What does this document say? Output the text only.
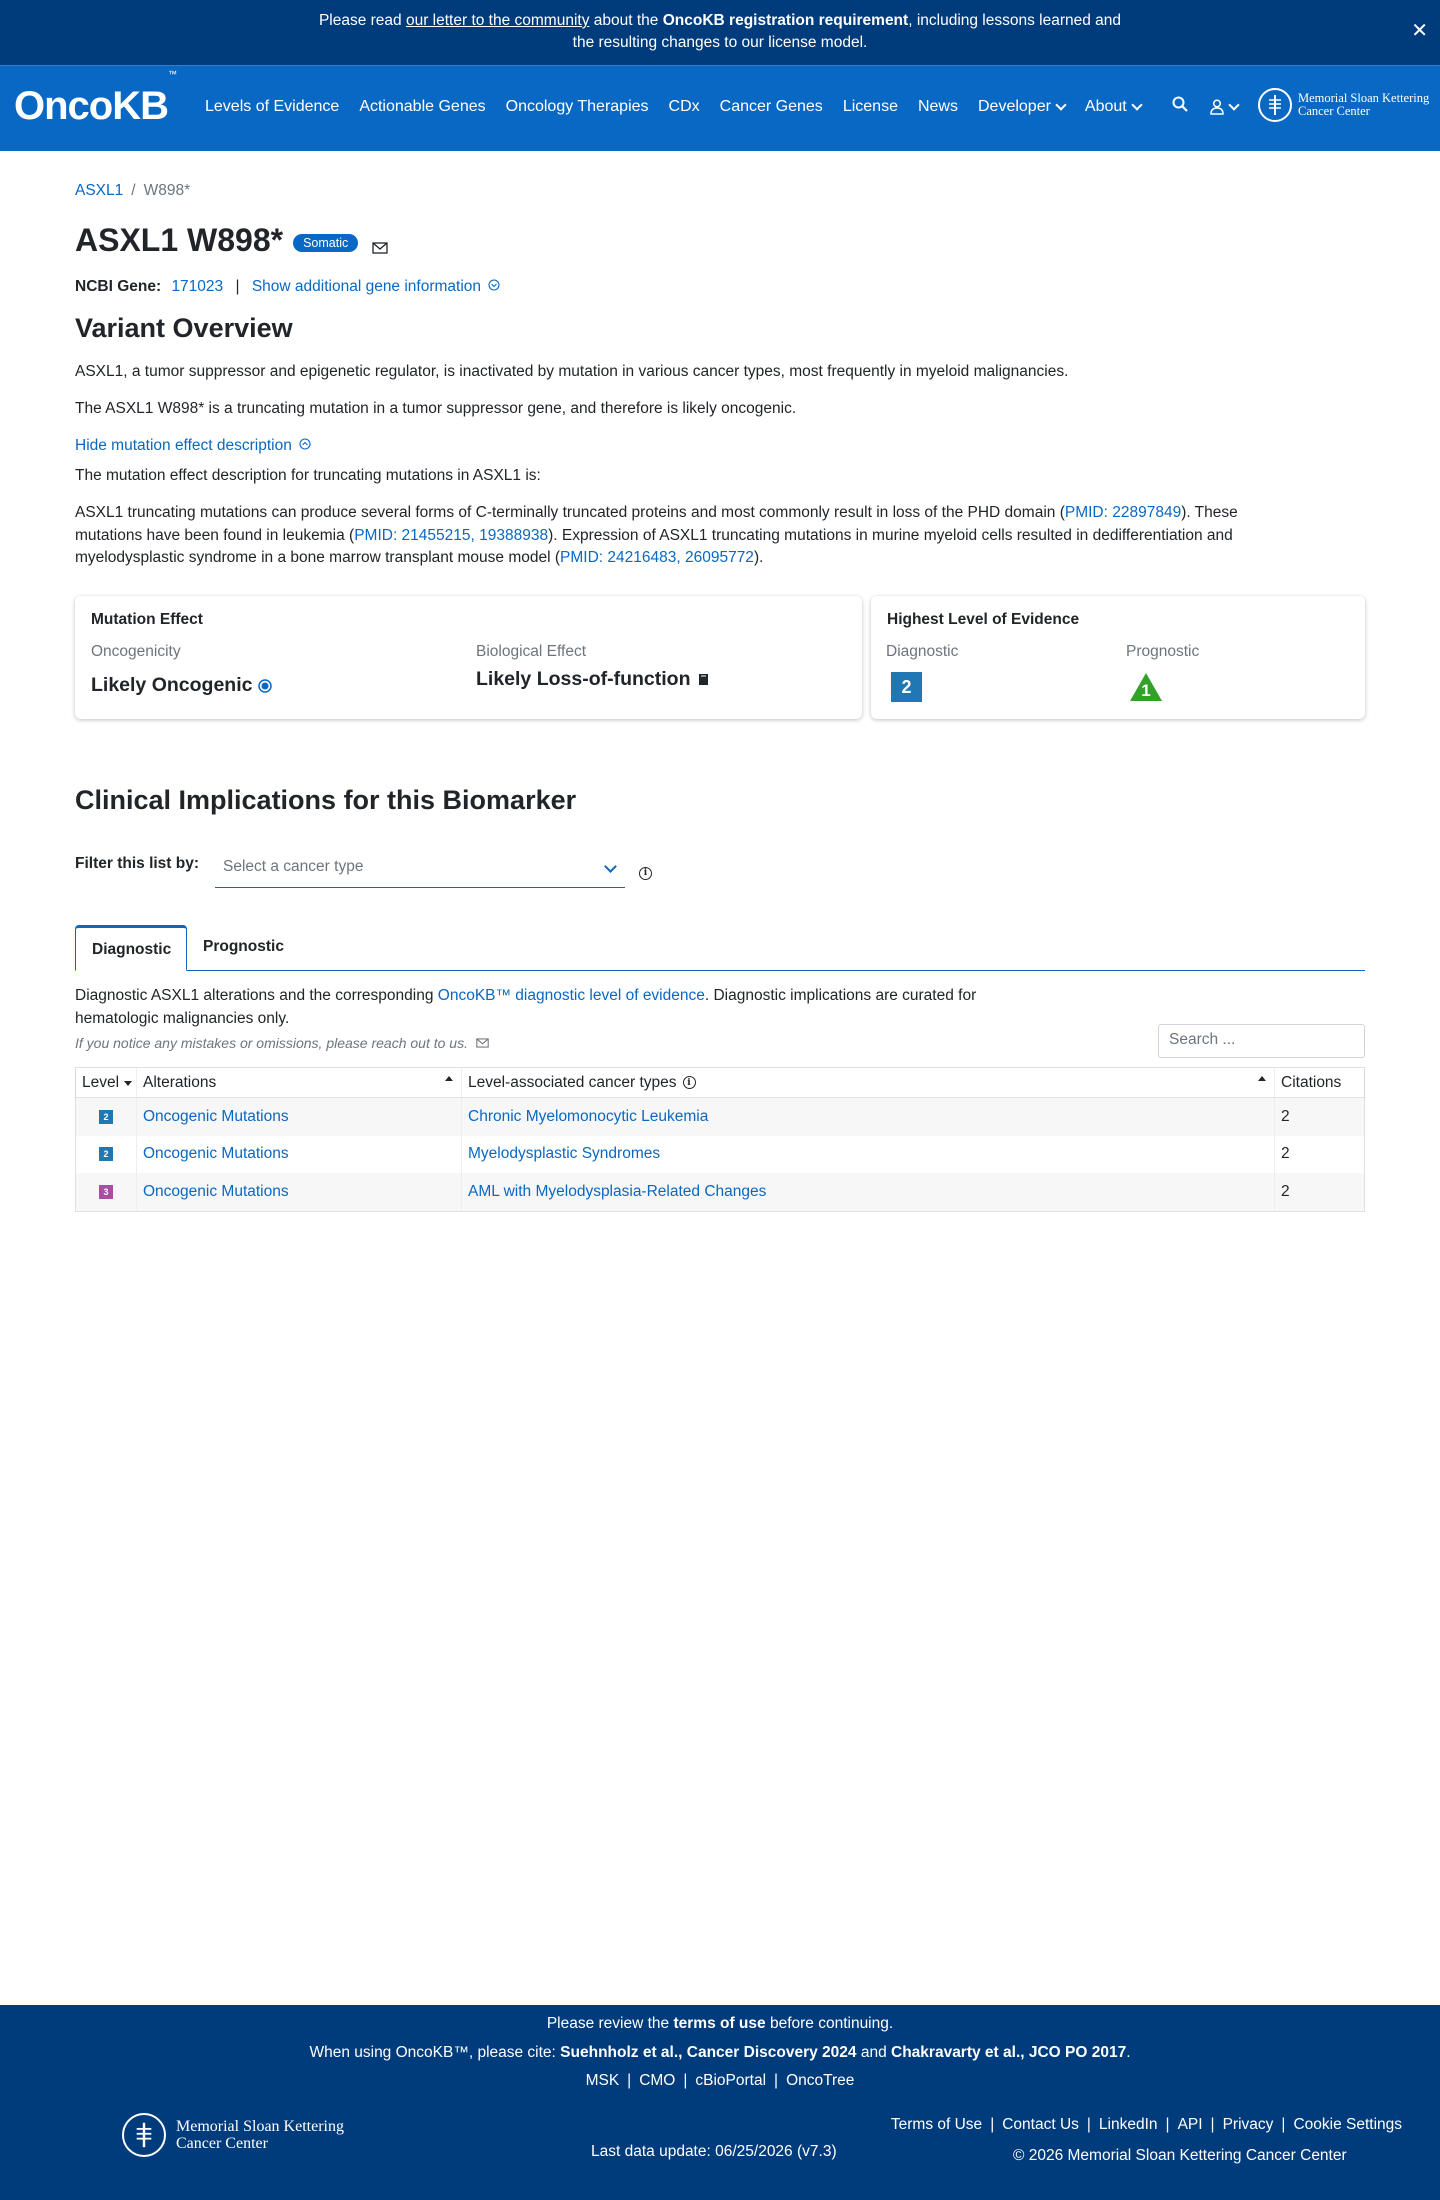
Please read our letter to the community about the OncoKB registration requirement, including lessons learned and
the resulting changes to our license model.
✕
OncoKB™
Levels of Evidence Actionable Genes Oncology Therapies CDx Cancer Genes License News Developer About	Memorial Sloan Kettering
Cancer Center
ASXL1 / W898*
ASXL1 W898*	Somatic
NCBI Gene: 171023 | Show additional gene information
Variant Overview

ASXL1, a tumor suppressor and epigenetic regulator, is inactivated by mutation in various cancer types, most frequently in myeloid malignancies.

The ASXL1 W898* is a truncating mutation in a tumor suppressor gene, and therefore is likely oncogenic.

Hide mutation effect description

The mutation effect description for truncating mutations in ASXL1 is:

ASXL1 truncating mutations can produce several forms of C-terminally truncated proteins and most commonly result in loss of the PHD domain (PMID: 22897849). These
mutations have been found in leukemia (PMID: 21455215, 19388938). Expression of ASXL1 truncating mutations in murine myeloid cells resulted in dedifferentiation and
myelodysplastic syndrome in a bone marrow transplant mouse model (PMID: 24216483, 26095772).
Mutation Effect
Oncogenicity
Likely Oncogenic
Biological Effect
Likely Loss-of-function
Highest Level of Evidence
Diagnostic
2
Prognostic
1
Clinical Implications for this Biomarker
Filter this list by:	Select a cancer type	i
Diagnostic	Prognostic
Diagnostic ASXL1 alterations and the corresponding OncoKB™ diagnostic level of evidence. Diagnostic implications are curated for
hematologic malignancies only.
If you notice any mistakes or omissions, please reach out to us.	Search ...
Level Alterations	Level-associated cancer types	i	Citations
2 Oncogenic Mutations	Chronic Myelomonocytic Leukemia	2
2 Oncogenic Mutations	Myelodysplastic Syndromes	2
3 Oncogenic Mutations	AML with Myelodysplasia-Related Changes	2
Please review the terms of use before continuing.
When using OncoKB™, please cite: Suehnholz et al., Cancer Discovery 2024 and Chakravarty et al., JCO PO 2017.
MSK | CMO | cBioPortal | OncoTree
Memorial Sloan Kettering
Cancer Center	Last data update: 06/25/2026 (v7.3)
Terms of Use | Contact Us | LinkedIn | API | Privacy | Cookie Settings
© 2026 Memorial Sloan Kettering Cancer Center
